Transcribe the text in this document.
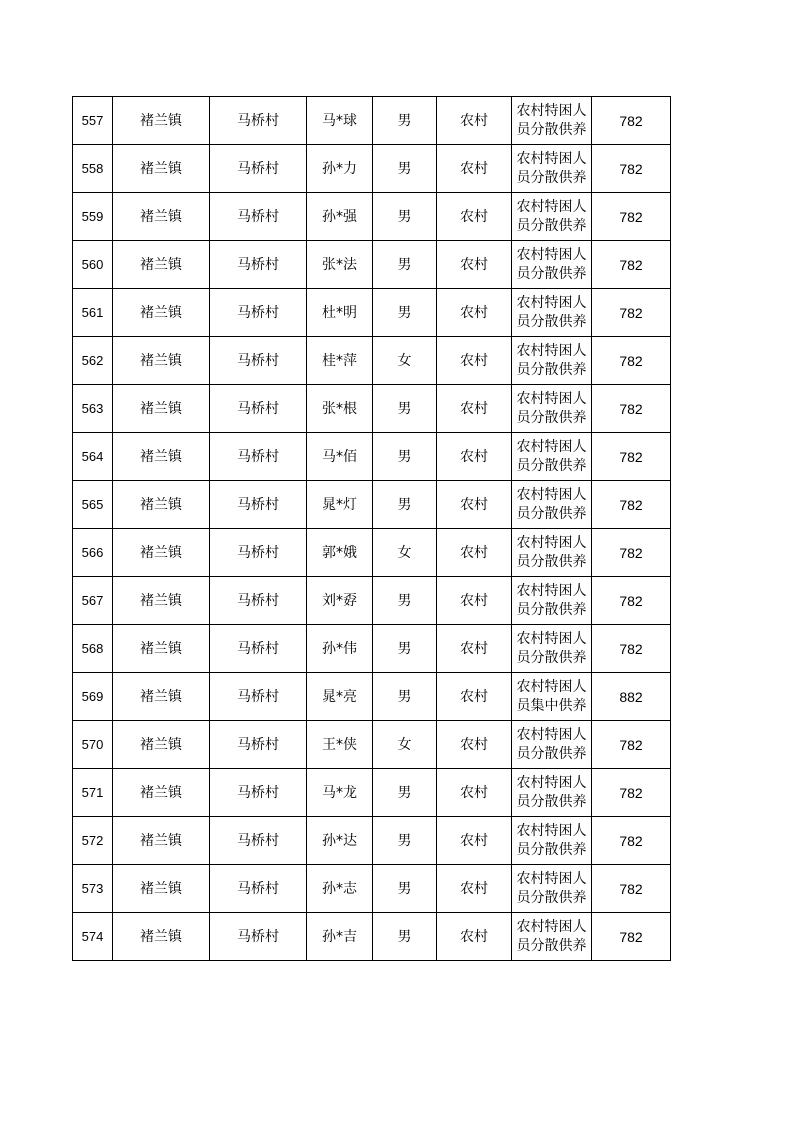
557	褚兰镇	马桥村	马*球	男	农村	农村特困人员分散供养	782
558	褚兰镇	马桥村	孙*力	男	农村	农村特困人员分散供养	782
559	褚兰镇	马桥村	孙*强	男	农村	农村特困人员分散供养	782
560	褚兰镇	马桥村	张*法	男	农村	农村特困人员分散供养	782
561	褚兰镇	马桥村	杜*明	男	农村	农村特困人员分散供养	782
562	褚兰镇	马桥村	桂*萍	女	农村	农村特困人员分散供养	782
563	褚兰镇	马桥村	张*根	男	农村	农村特困人员分散供养	782
564	褚兰镇	马桥村	马*佰	男	农村	农村特困人员分散供养	782
565	褚兰镇	马桥村	晁*灯	男	农村	农村特困人员分散供养	782
566	褚兰镇	马桥村	郭*娥	女	农村	农村特困人员分散供养	782
567	褚兰镇	马桥村	刘*孬	男	农村	农村特困人员分散供养	782
568	褚兰镇	马桥村	孙*伟	男	农村	农村特困人员分散供养	782
569	褚兰镇	马桥村	晁*亮	男	农村	农村特困人员集中供养	882
570	褚兰镇	马桥村	王*侠	女	农村	农村特困人员分散供养	782
571	褚兰镇	马桥村	马*龙	男	农村	农村特困人员分散供养	782
572	褚兰镇	马桥村	孙*达	男	农村	农村特困人员分散供养	782
573	褚兰镇	马桥村	孙*志	男	农村	农村特困人员分散供养	782
574	褚兰镇	马桥村	孙*吉	男	农村	农村特困人员分散供养	782
